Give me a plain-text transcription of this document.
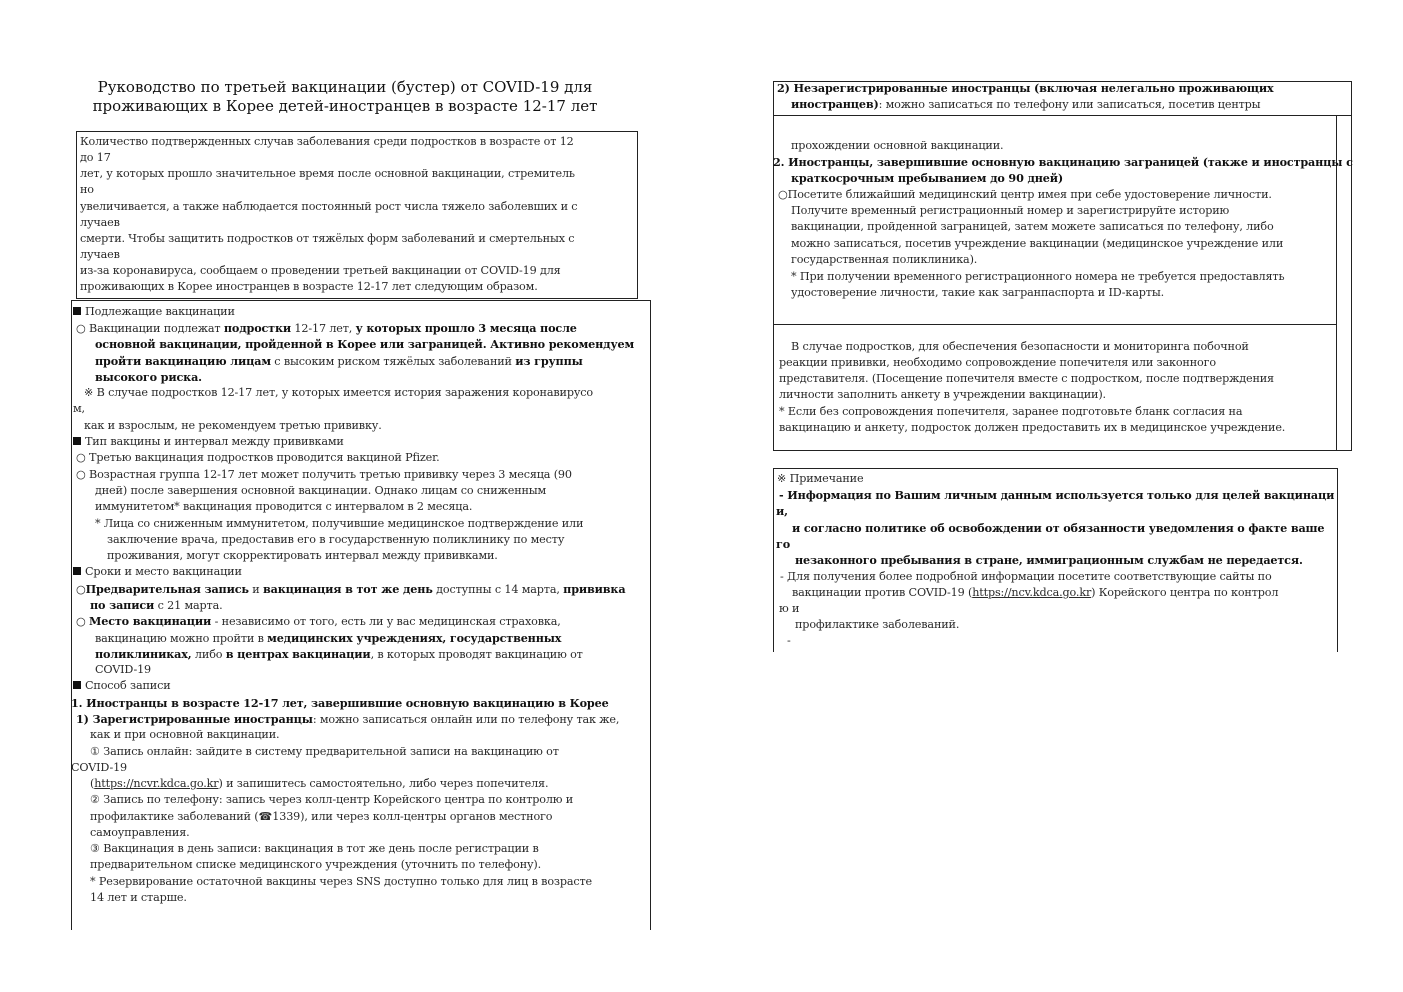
Руководство по третьей вакцинации (бустер) от COVID-19 для
проживающих в Корее детей-иностранцев в возрасте 12-17 лет
Количество подтвержденных случав заболевания среди подростков в возрасте от 12
до 17
лет, у которых прошло значительное время после основной вакцинации, стремитель
но
увеличивается, а также наблюдается постоянный рост числа тяжело заболевших и с
лучаев
смерти. Чтобы защитить подростков от тяжёлых форм заболеваний и смертельных с
лучаев
из-за коронавируса, сообщаем о проведении третьей вакцинации от COVID-19 для
проживающих в Корее иностранцев в возрасте 12-17 лет следующим образом.
Подлежащие вакцинации
○ Вакцинации подлежат подростки 12-17 лет, у которых прошло 3 месяца после
основной вакцинации, пройденной в Корее или заграницей. Активно рекомендуем
пройти вакцинацию лицам с высоким риском тяжёлых заболеваний из группы
высокого риска.
※ В случае подростков 12-17 лет, у которых имеется история заражения коронавирусо
м,
как и взрослым, не рекомендуем третью прививку.
Тип вакцины и интервал между прививками
○ Третью вакцинация подростков проводится вакциной Pfizer.
○ Возрастная группа 12-17 лет может получить третью прививку через 3 месяца (90
дней) после завершения основной вакцинации. Однако лицам со сниженным
иммунитетом* вакцинация проводится с интервалом в 2 месяца.
* Лица со сниженным иммунитетом, получившие медицинское подтверждение или
заключение врача, предоставив его в государственную поликлинику по месту
проживания, могут скорректировать интервал между прививками.
Сроки и место вакцинации
○Предварительная запись и вакцинация в тот же день доступны с 14 марта, прививка
по записи с 21 марта.
○ Место вакцинации - независимо от того, есть ли у вас медицинская страховка,
вакцинацию можно пройти в медицинских учреждениях, государственных
поликлиниках, либо в центрах вакцинации, в которых проводят вакцинацию от
COVID-19
Способ записи
1. Иностранцы в возрасте 12-17 лет, завершившие основную вакцинацию в Корее
1) Зарегистрированные иностранцы: можно записаться онлайн или по телефону так же,
как и при основной вакцинации.
① Запись онлайн: зайдите в систему предварительной записи на вакцинацию от
COVID-19
(https://ncvr.kdca.go.kr) и запишитесь самостоятельно, либо через попечителя.
② Запись по телефону: запись через колл-центр Корейского центра по контролю и
профилактике заболеваний (☎1339), или через колл-центры органов местного
самоуправления.
③ Вакцинация в день записи: вакцинация в тот же день после регистрации в
предварительном списке медицинского учреждения (уточнить по телефону).
* Резервирование остаточной вакцины через SNS доступно только для лиц в возрасте
14 лет и старше.
2) Незарегистрированные иностранцы (включая нелегально проживающих
иностранцев): можно записаться по телефону или записаться, посетив центры
прохождении основной вакцинации.
2. Иностранцы, завершившие основную вакцинацию заграницей (также и иностранцы с
краткосрочным пребыванием до 90 дней)
○Посетите ближайший медицинский центр имея при себе удостоверение личности.
Получите временный регистрационный номер и зарегистрируйте историю
вакцинации, пройденной заграницей, затем можете записаться по телефону, либо
можно записаться, посетив учреждение вакцинации (медицинское учреждение или
государственная поликлиника).
* При получении временного регистрационного номера не требуется предоставлять
удостоверение личности, такие как загранпаспорта и ID-карты.
В случае подростков, для обеспечения безопасности и мониторинга побочной
реакции прививки, необходимо сопровождение попечителя или законного
представителя. (Посещение попечителя вместе с подростком, после подтверждения
личности заполнить анкету в учреждении вакцинации).
* Если без сопровождения попечителя, заранее подготовьте бланк согласия на
вакцинацию и анкету, подросток должен предоставить их в медицинское учреждение.
※ Примечание
- Информация по Вашим личным данным используется только для целей вакцинаци
и,
и согласно политике об освобождении от обязанности уведомления о факте ваше
го
незаконного пребывания в стране, иммиграционным службам не передается.
- Для получения более подробной информации посетите соответствующие сайты по
вакцинации против COVID-19 (https://ncv.kdca.go.kr) Корейского центра по контрол
ю и
профилактике заболеваний.
-
